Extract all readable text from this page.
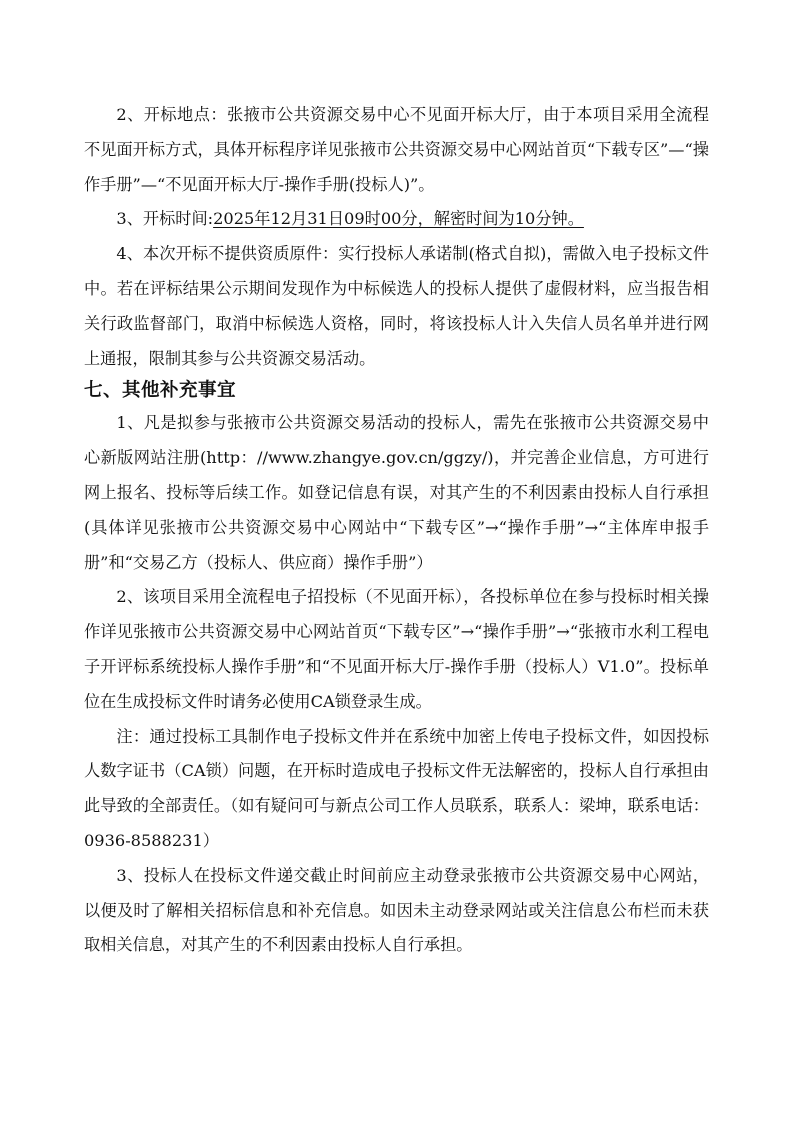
2、开标地点：张掖市公共资源交易中心不见面开标大厅，由于本项目采用全流程不见面开标方式，具体开标程序详见张掖市公共资源交易中心网站首页“下载专区”—“操作手册”—“不见面开标大厅-操作手册(投标人)”。

3、开标时间:2025年12月31日09时00分，解密时间为10分钟。

4、本次开标不提供资质原件：实行投标人承诺制(格式自拟)，需做入电子投标文件中。若在评标结果公示期间发现作为中标候选人的投标人提供了虚假材料，应当报告相关行政监督部门，取消中标候选人资格，同时，将该投标人计入失信人员名单并进行网上通报，限制其参与公共资源交易活动。

七、其他补充事宜

1、凡是拟参与张掖市公共资源交易活动的投标人，需先在张掖市公共资源交易中心新版网站注册(http：//www.zhangye.gov.cn/ggzy/)，并完善企业信息，方可进行网上报名、投标等后续工作。如登记信息有误，对其产生的不利因素由投标人自行承担(具体详见张掖市公共资源交易中心网站中“下载专区”→“操作手册”→“主体库申报手册”和“交易乙方（投标人、供应商）操作手册”）

2、该项目采用全流程电子招投标（不见面开标），各投标单位在参与投标时相关操作详见张掖市公共资源交易中心网站首页“下载专区”→“操作手册”→“张掖市水利工程电子开评标系统投标人操作手册”和“不见面开标大厅-操作手册（投标人）V1.0”。投标单位在生成投标文件时请务必使用CA锁登录生成。

注：通过投标工具制作电子投标文件并在系统中加密上传电子投标文件，如因投标人数字证书（CA锁）问题，在开标时造成电子投标文件无法解密的，投标人自行承担由此导致的全部责任。（如有疑问可与新点公司工作人员联系，联系人：梁坤，联系电话：0936-8588231）

3、投标人在投标文件递交截止时间前应主动登录张掖市公共资源交易中心网站，以便及时了解相关招标信息和补充信息。如因未主动登录网站或关注信息公布栏而未获取相关信息，对其产生的不利因素由投标人自行承担。
